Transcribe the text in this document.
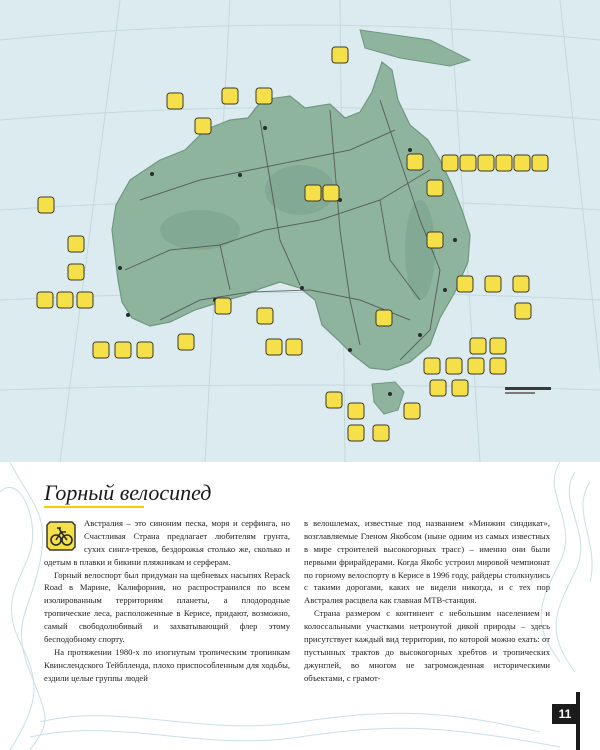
Горный велосипед

Австралия – это синоним песка, моря и серфинга, но Счастливая Страна предлагает любителям грунта, сухих сингл-треков, бездорожья столько же, сколько и одетым в плавки и бикини пляжникам и серферам.

Горный велоспорт был придуман на щебневых насыпях Repack Road в Марине, Калифорния, но распространился по всем изолированным территориям планеты, а плодородные тропические леса, расположенные в Керисе, придают, возможно, самый свободолюбивый и захватывающий флер этому бесподобному спорту.

На протяжении 1980-х по изогнутым тропическим тропинкам Квинслендского Тейблленда, плохо приспособленным для ходьбы, ездили целые группы людей

в велошлемах, известные под названием «Минжин синдикат», возглавляемые Гленом Якобсом (ныне одним из самых известных в мире строителей высокогорных трасс) – именно они были первыми фрирайдерами. Когда Якобс устроил мировой чемпионат по горному велоспорту в Керисе в 1996 году, райдеры столкнулись с такими дорогами, каких не видели никогда, и с тех пор Австралия расцвела как главная МТВ-станция.

Страна размером с континент с небольшим населением и колоссальными участками нетронутой дикой природы – здесь присутствует каждый вид территории, по которой можно ехать: от пустынных трактов до высокогорных хребтов и тропических джунглей, во многом не загроможденная историческими объектами, с грамот-

11
